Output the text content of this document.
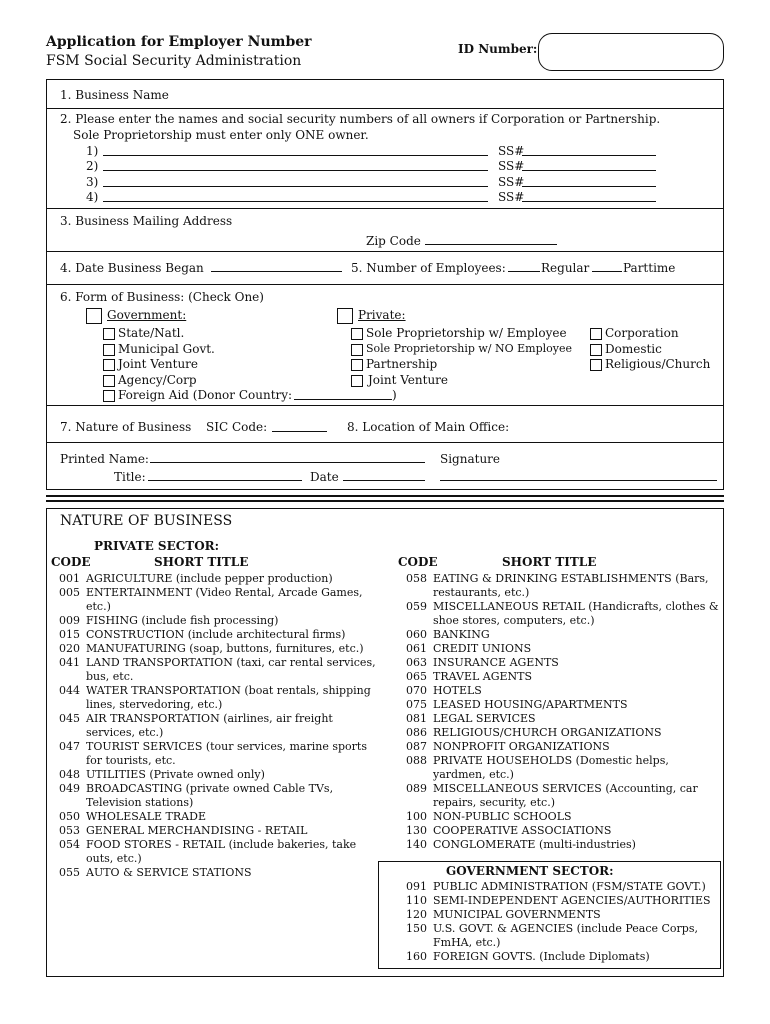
Application for Employer Number
FSM Social Security Administration
ID Number:
1. Business Name
2. Please enter the names and social security numbers of all owners if Corporation or Partnership.
Sole Proprietorship must enter only ONE owner.
1)	SS#
2)	SS#
3)	SS#
4)	SS#
3. Business Mailing Address
Zip Code
4. Date Business Began	5. Number of Employees:	Regular	Parttime
6. Form of Business: (Check One)
Government:	Private:
State/Natl.
Municipal Govt.
Joint Venture
Agency/Corp
Foreign Aid (Donor Country:	)
Sole Proprietorship w/ Employee
Sole Proprietorship w/ NO Employee
Partnership
Joint Venture
Corporation
Domestic
Religious/Church
7. Nature of Business SIC Code:	8. Location of Main Office:
Printed Name:
Title:	Date
Signature
NATURE OF BUSINESS
PRIVATE SECTOR:
CODE	SHORT TITLE	CODE	SHORT TITLE
001 AGRICULTURE (include pepper production)
005 ENTERTAINMENT (Video Rental, Arcade Games, etc.)
009 FISHING (include fish processing)
015 CONSTRUCTION (include architectural firms)
020 MANUFATURING (soap, buttons, furnitures, etc.)
041 LAND TRANSPORTATION (taxi, car rental services, bus, etc.
044 WATER TRANSPORTATION (boat rentals, shipping lines, stervedoring, etc.)
045 AIR TRANSPORTATION (airlines, air freight services, etc.)
047 TOURIST SERVICES (tour services, marine sports for tourists, etc.
048 UTILITIES (Private owned only)
049 BROADCASTING (private owned Cable TVs, Television stations)
050 WHOLESALE TRADE
053 GENERAL MERCHANDISING - RETAIL
054 FOOD STORES - RETAIL (include bakeries, take outs, etc.)
055 AUTO & SERVICE STATIONS
058 EATING & DRINKING ESTABLISHMENTS (Bars, restaurants, etc.)
059 MISCELLANEOUS RETAIL (Handicrafts, clothes & shoe stores, computers, etc.)
060 BANKING
061 CREDIT UNIONS
063 INSURANCE AGENTS
065 TRAVEL AGENTS
070 HOTELS
075 LEASED HOUSING/APARTMENTS
081 LEGAL SERVICES
086 RELIGIOUS/CHURCH ORGANIZATIONS
087 NONPROFIT ORGANIZATIONS
088 PRIVATE HOUSEHOLDS (Domestic helps, yardmen, etc.)
089 MISCELLANEOUS SERVICES (Accounting, car repairs, security, etc.)
100 NON-PUBLIC SCHOOLS
130 COOPERATIVE ASSOCIATIONS
140 CONGLOMERATE (multi-industries)
GOVERNMENT SECTOR:
091 PUBLIC ADMINISTRATION (FSM/STATE GOVT.)
110 SEMI-INDEPENDENT AGENCIES/AUTHORITIES
120 MUNICIPAL GOVERNMENTS
150 U.S. GOVT. & AGENCIES (include Peace Corps, FmHA, etc.)
160 FOREIGN GOVTS. (Include Diplomats)
